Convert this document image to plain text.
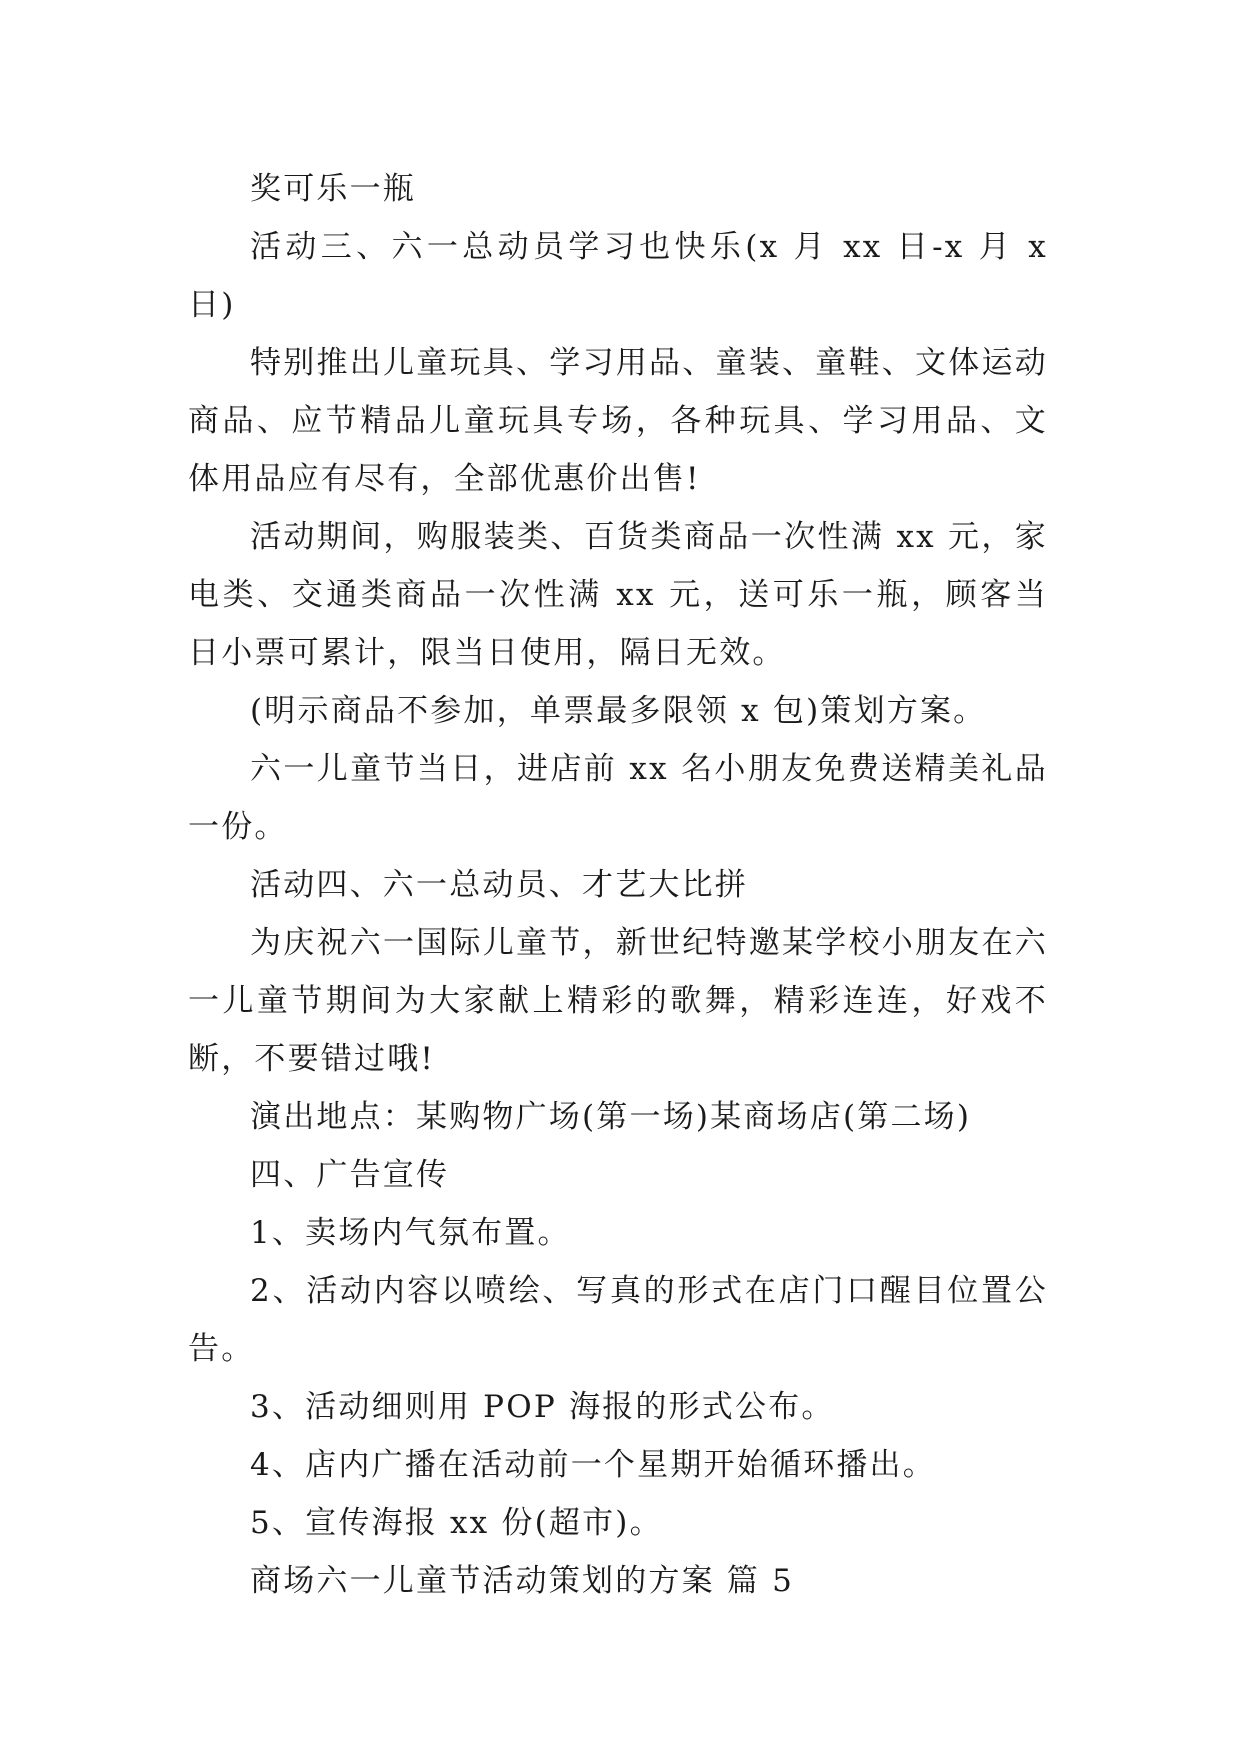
奖可乐一瓶

活动三、六一总动员学习也快乐(x 月 xx 日-x 月 x 日)

特别推出儿童玩具、学习用品、童装、童鞋、文体运动商品、应节精品儿童玩具专场，各种玩具、学习用品、文体用品应有尽有，全部优惠价出售!

活动期间，购服装类、百货类商品一次性满 xx 元，家电类、交通类商品一次性满 xx 元，送可乐一瓶，顾客当日小票可累计，限当日使用，隔日无效。

(明示商品不参加，单票最多限领 x 包)策划方案。

六一儿童节当日，进店前 xx 名小朋友免费送精美礼品一份。

活动四、六一总动员、才艺大比拼

为庆祝六一国际儿童节，新世纪特邀某学校小朋友在六一儿童节期间为大家献上精彩的歌舞，精彩连连，好戏不断，不要错过哦!

演出地点：某购物广场(第一场)某商场店(第二场)

四、广告宣传

1、卖场内气氛布置。

2、活动内容以喷绘、写真的形式在店门口醒目位置公告。

3、活动细则用 POP 海报的形式公布。

4、店内广播在活动前一个星期开始循环播出。

5、宣传海报 xx 份(超市)。

商场六一儿童节活动策划的方案 篇 5
